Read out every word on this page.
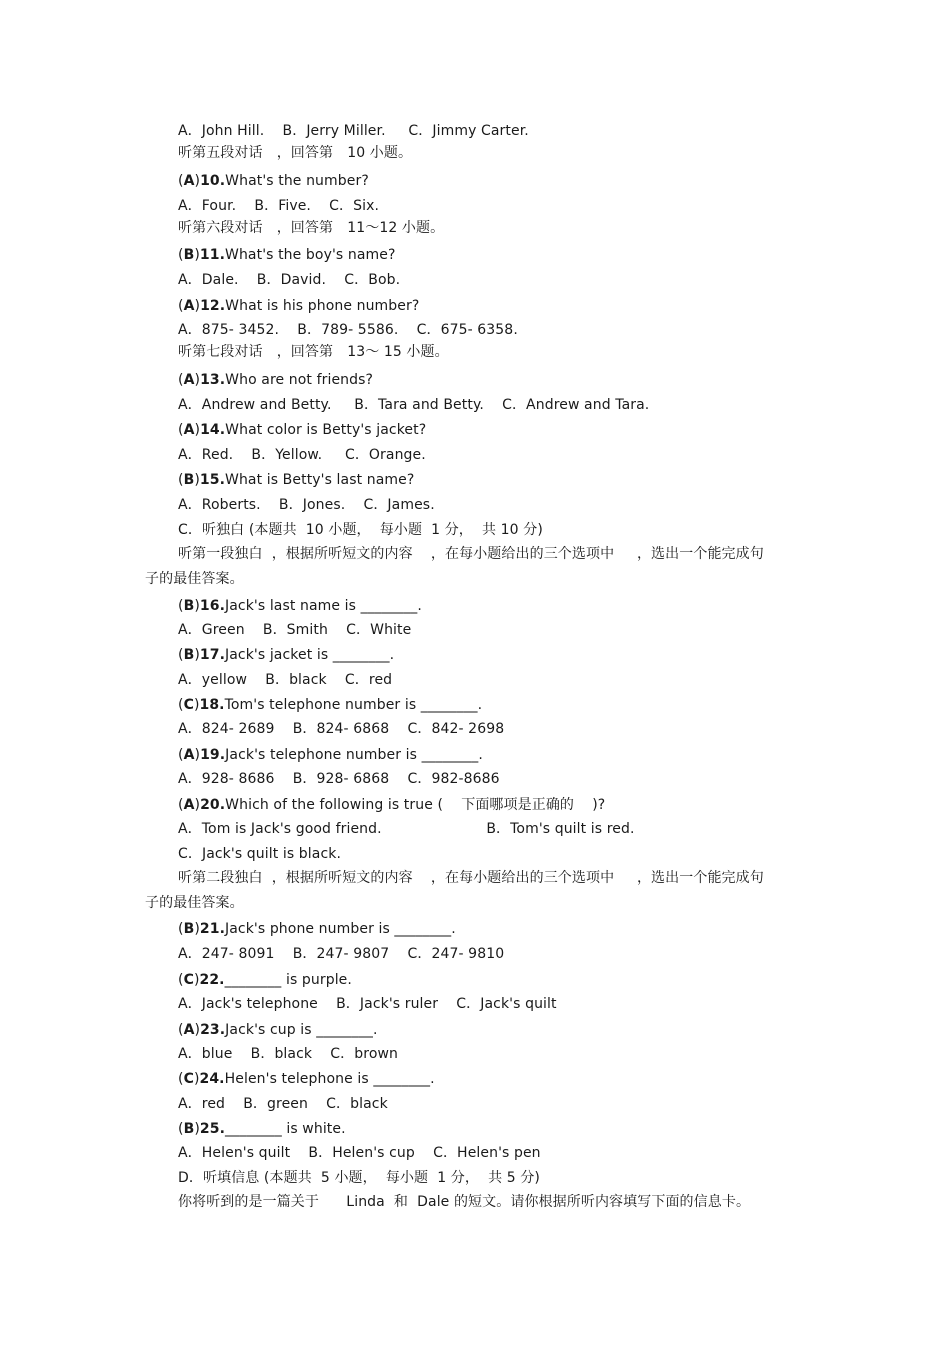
A．John Hill.    B．Jerry Miller.     C．Jimmy Carter.

听第五段对话　，回答第　10 小题。

(A)10.What's the number?

A．Four.    B．Five.    C．Six.

听第六段对话　，回答第　11～12 小题。

(B)11.What's the boy's name?

A．Dale.    B．David.    C．Bob.

(A)12.What is his phone number?

A．875- 3452.    B．789- 5586.    C．675- 6358.

听第七段对话　，回答第　13～ 15 小题。

(A)13.Who are not friends?

A．Andrew and Betty.     B．Tara and Betty.    C．Andrew and Tara.

(A)14.What color is Betty's jacket?

A．Red.    B．Yellow.     C．Orange.

(B)15.What is Betty's last name?

A．Roberts.    B．Jones.    C．James.

C．听独白 (本题共  10 小题，  每小题  1 分，  共 10 分)

听第一段独白  ，根据所听短文的内容    ，在每小题给出的三个选项中     ，选出一个能完成句

子的最佳答案。

(B)16.Jack's last name is ________.

A．Green    B．Smith    C．White

(B)17.Jack's jacket is ________.

A．yellow    B．black    C．red

(C)18.Tom's telephone number is ________.

A．824- 2689    B．824- 6868    C．842- 2698

(A)19.Jack's telephone number is ________.

A．928- 8686    B．928- 6868    C．982-8686

(A)20.Which of the following is true (    下面哪项是正确的    )?

A．Tom is Jack's good friend.                       B．Tom's quilt is red.

C．Jack's quilt is black.

听第二段独白  ，根据所听短文的内容    ，在每小题给出的三个选项中     ，选出一个能完成句

子的最佳答案。

(B)21.Jack's phone number is ________.

A．247- 8091    B．247- 9807    C．247- 9810

(C)22.________ is purple.

A．Jack's telephone    B．Jack's ruler    C．Jack's quilt

(A)23.Jack's cup is ________.

A．blue    B．black    C．brown

(C)24.Helen's telephone is ________.

A．red    B．green    C．black

(B)25.________ is white.

A．Helen's quilt    B．Helen's cup    C．Helen's pen

D．听填信息 (本题共  5 小题，  每小题  1 分，  共 5 分)

你将听到的是一篇关于      Linda  和  Dale 的短文。请你根据所听内容填写下面的信息卡。
